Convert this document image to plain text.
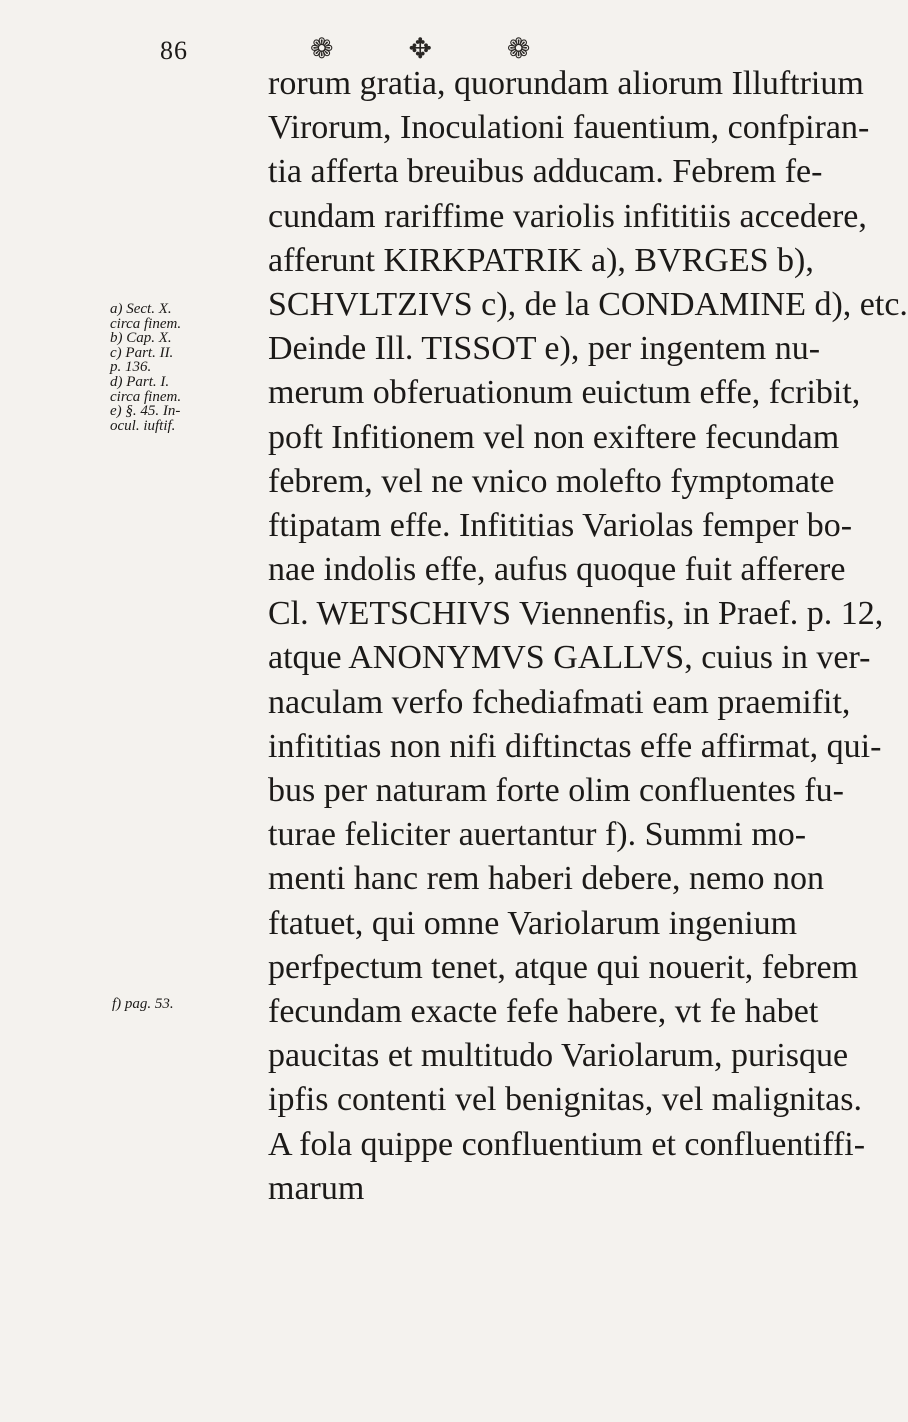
86	❁ ✥ ❁
rorum gratia, quorundam aliorum Illuftrium
Virorum, Inoculationi fauentium, confpiran-
tia afferta breuibus adducam. Febrem fe-
cundam rariffime variolis infititiis accedere,
afferunt KIRKPATRIK a), BVRGES b),
SCHVLTZIVS c), de la CONDAMINE d), etc.
Deinde Ill. TISSOT e), per ingentem nu-
merum obferuationum euictum effe, fcribit,
poft Infitionem vel non exiftere fecundam
febrem, vel ne vnico molefto fymptomate
ftipatam effe. Infititias Variolas femper bo-
nae indolis effe, aufus quoque fuit afferere
Cl. WETSCHIVS Viennenfis, in Praef. p. 12,
atque ANONYMVS GALLVS, cuius in ver-
naculam verfo fchediafmati eam praemifit,
infititias non nifi diftinctas effe affirmat, qui-
bus per naturam forte olim confluentes fu-
turae feliciter auertantur f). Summi mo-
menti hanc rem haberi debere, nemo non
ftatuet, qui omne Variolarum ingenium
perfpectum tenet, atque qui nouerit, febrem
fecundam exacte fefe habere, vt fe habet
paucitas et multitudo Variolarum, purisque
ipfis contenti vel benignitas, vel malignitas.
A fola quippe confluentium et confluentiffi-
marum
a) Sect. X.
circa finem.
b) Cap. X.
c) Part. II.
p. 136.
d) Part. I.
circa finem.
e) §. 45. In-
ocul. iuftif.
f) pag. 53.
